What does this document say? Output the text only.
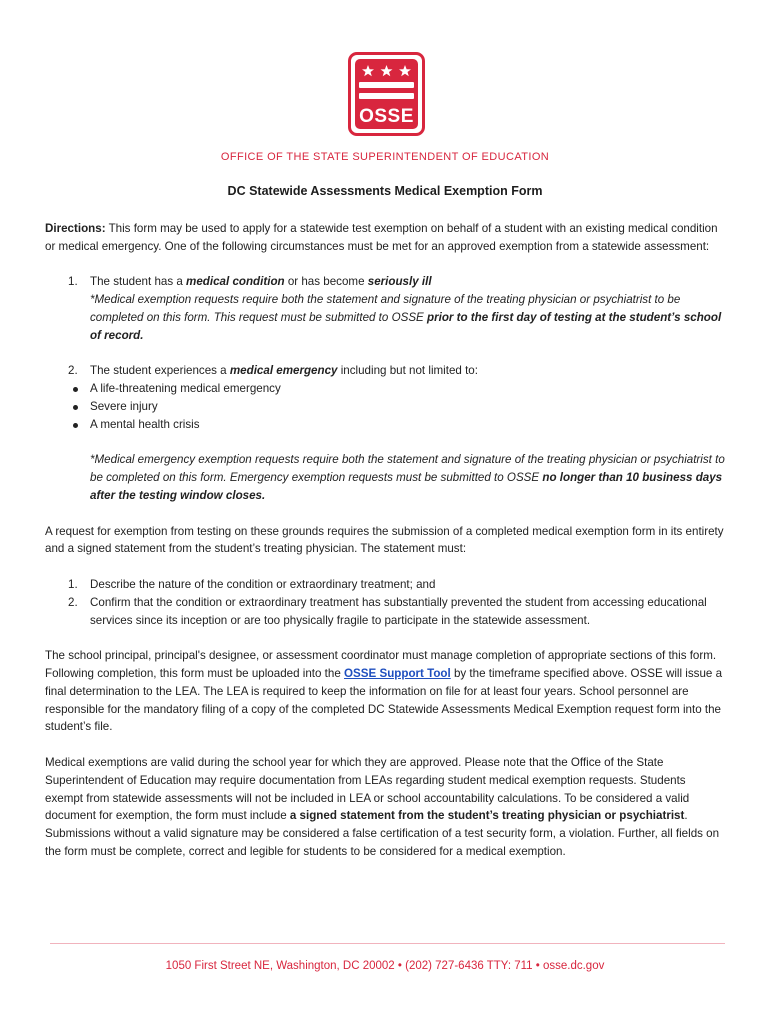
OSSE
OFFICE OF THE STATE SUPERINTENDENT OF EDUCATION
DC Statewide Assessments Medical Exemption Form

Directions: This form may be used to apply for a statewide test exemption on behalf of a student with an existing medical condition or medical emergency. One of the following circumstances must be met for an approved exemption from a statewide assessment:

1. The student has a medical condition or has become seriously ill
*Medical exemption requests require both the statement and signature of the treating physician or psychiatrist to be completed on this form. This request must be submitted to OSSE prior to the first day of testing at the student’s school of record.
2. The student experiences a medical emergency including but not limited to:
A life-threatening medical emergency
Severe injury
A mental health crisis
*Medical emergency exemption requests require both the statement and signature of the treating physician or psychiatrist to be completed on this form. Emergency exemption requests must be submitted to OSSE no longer than 10 business days after the testing window closes.

A request for exemption from testing on these grounds requires the submission of a completed medical exemption form in its entirety and a signed statement from the student’s treating physician. The statement must:

1. Describe the nature of the condition or extraordinary treatment; and
2. Confirm that the condition or extraordinary treatment has substantially prevented the student from accessing educational services since its inception or are too physically fragile to participate in the statewide assessment.

The school principal, principal's designee, or assessment coordinator must manage completion of appropriate sections of this form. Following completion, this form must be uploaded into the OSSE Support Tool by the timeframe specified above. OSSE will issue a final determination to the LEA. The LEA is required to keep the information on file for at least four years. School personnel are responsible for the mandatory filing of a copy of the completed DC Statewide Assessments Medical Exemption request form into the student’s file.

Medical exemptions are valid during the school year for which they are approved. Please note that the Office of the State Superintendent of Education may require documentation from LEAs regarding student medical exemption requests. Students exempt from statewide assessments will not be included in LEA or school accountability calculations. To be considered a valid document for exemption, the form must include a signed statement from the student’s treating physician or psychiatrist. Submissions without a valid signature may be considered a false certification of a test security form, a violation. Further, all fields on the form must be complete, correct and legible for students to be considered for a medical exemption.

1050 First Street NE, Washington, DC 20002 • (202) 727-6436 TTY: 711 • osse.dc.gov
